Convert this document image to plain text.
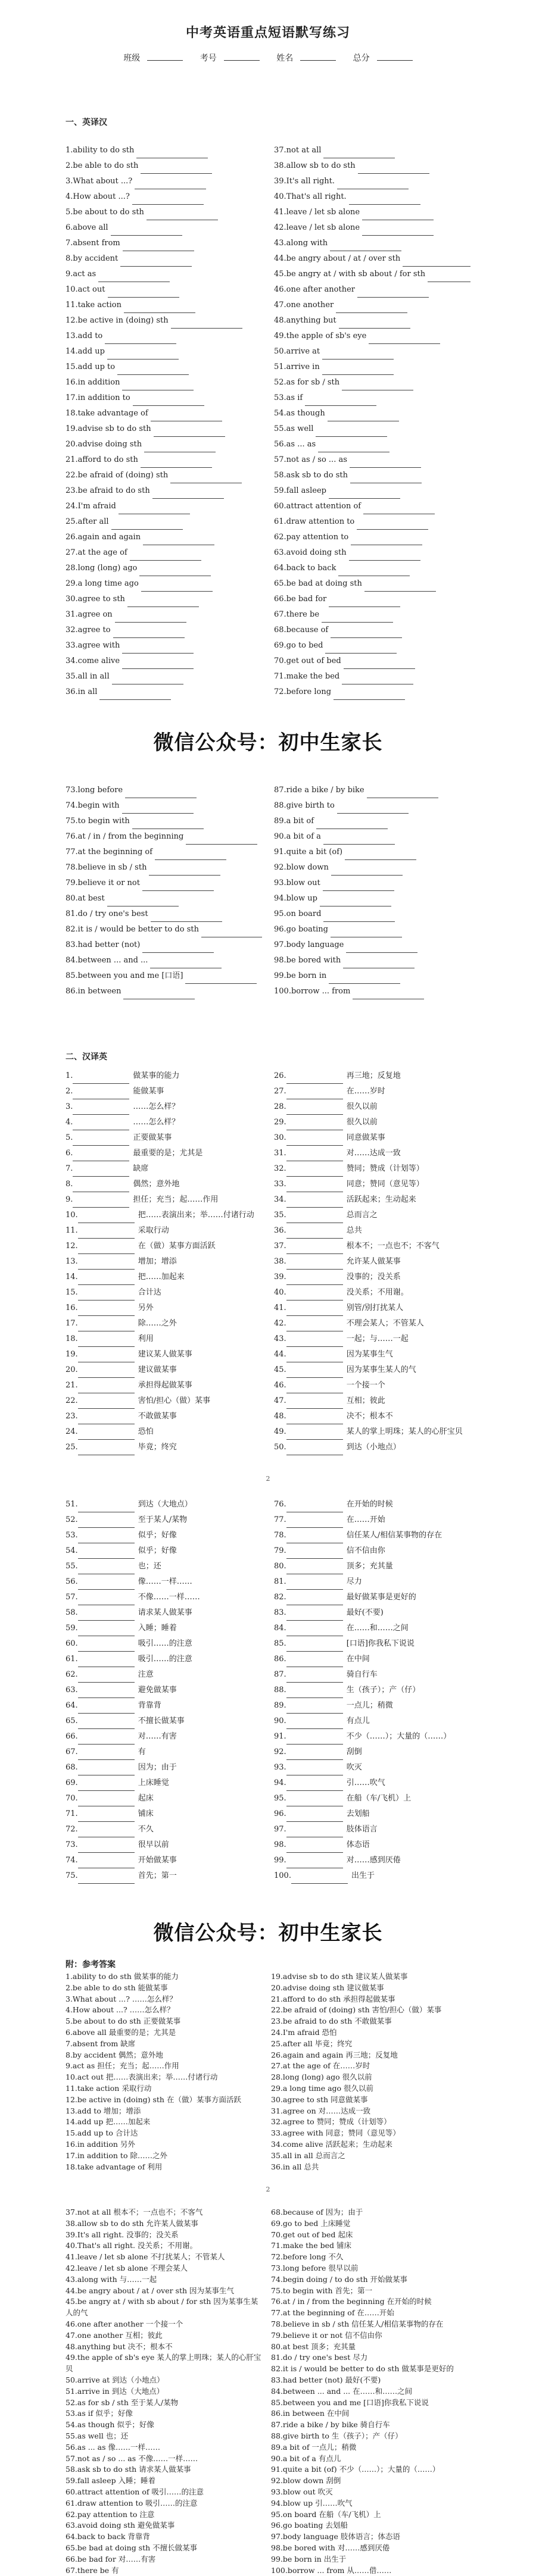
中考英语重点短语默写练习
班级	考号	姓名	总分
一、英译汉
1.ability to do sth
2.be able to do sth
3.What about ...?
4.How about ...?
5.be about to do sth
6.above all
7.absent from
8.by accident
9.act as
10.act out
11.take action
12.be active in (doing) sth
13.add to
14.add up
15.add up to
16.in addition
17.in addition to
18.take advantage of
19.advise sb to do sth
20.advise doing sth
21.afford to do sth
22.be afraid of (doing) sth
23.be afraid to do sth
24.I'm afraid
25.after all
26.again and again
27.at the age of
28.long (long) ago
29.a long time ago
30.agree to sth
31.agree on
32.agree to
33.agree with
34.come alive
35.all in all
36.in all
37.not at all
38.allow sb to do sth
39.It's all right.
40.That's all right.
41.leave / let sb alone
42.leave / let sb alone
43.along with
44.be angry about / at / over sth
45.be angry at / with sb about / for sth
46.one after another
47.one another
48.anything but
49.the apple of sb's eye
50.arrive at
51.arrive in
52.as for sb / sth
53.as if
54.as though
55.as well
56.as ... as
57.not as / so ... as
58.ask sb to do sth
59.fall asleep
60.attract attention of
61.draw attention to
62.pay attention to
63.avoid doing sth
64.back to back
65.be bad at doing sth
66.be bad for
67.there be
68.because of
69.go to bed
70.get out of bed
71.make the bed
72.before long
微信公众号：初中生家长
73.long before
74.begin with
75.to begin with
76.at / in / from the beginning
77.at the beginning of
78.believe in sb / sth
79.believe it or not
80.at best
81.do / try one's best
82.it is / would be better to do sth
83.had better (not)
84.between ... and ...
85.between you and me [口语]
86.in between
87.ride a bike / by bike
88.give birth to
89.a bit of
90.a bit of a
91.quite a bit (of)
92.blow down
93.blow out
94.blow up
95.on board
96.go boating
97.body language
98.be bored with
99.be born in
100.borrow ... from
二、汉译英
1.	做某事的能力
2.	能做某事
3.	……怎么样？
4.	……怎么样？
5.	正要做某事
6.	最重要的是；尤其是
7.	缺席
8.	偶然；意外地
9.	担任；充当；起……作用
10.	把……表演出来；举……付诸行动
11.	采取行动
12.	在（做）某事方面活跃
13.	增加；增添
14.	把……加起来
15.	合计达
16.	另外
17.	除……之外
18.	利用
19.	建议某人做某事
20.	建议做某事
21.	承担得起做某事
22.	害怕/担心（做）某事
23.	不敢做某事
24.	恐怕
25.	毕竟；终究
26.	再三地；反复地
27.	在……岁时
28.	很久以前
29.	很久以前
30.	同意做某事
31.	对……达成一致
32.	赞同；赞成（计划等）
33.	同意；赞同（意见等）
34.	活跃起来；生动起来
35.	总而言之
36.	总共
37.	根本不；一点也不；不客气
38.	允许某人做某事
39.	没事的；没关系
40.	没关系；不用谢。
41.	别管/别打扰某人
42.	不理会某人；不管某人
43.	一起；与……一起
44.	因为某事生气
45.	因为某事生某人的气
46.	一个接一个
47.	互相；彼此
48.	决不；根本不
49.	某人的掌上明珠；某人的心肝宝贝
50.	到达（小地点）
2
51.	到达（大地点）
52.	至于某人/某物
53.	似乎；好像
54.	似乎；好像
55.	也；还
56.	像……一样……
57.	不像……一样……
58.	请求某人做某事
59.	入睡；睡着
60.	吸引……的注意
61.	吸引……的注意
62.	注意
63.	避免做某事
64.	背靠背
65.	不擅长做某事
66.	对……有害
67.	有
68.	因为；由于
69.	上床睡觉
70.	起床
71.	铺床
72.	不久
73.	很早以前
74.	开始做某事
75.	首先；第一
76.	在开始的时候
77.	在……开始
78.	信任某人/相信某事物的存在
79.	信不信由你
80.	顶多；充其量
81.	尽力
82.	最好做某事是更好的
83.	最好(不要)
84.	在……和……之间
85.	[口语]你我私下说说
86.	在中间
87.	骑自行车
88.	生（孩子）；产（仔）
89.	一点儿；稍微
90.	有点儿
91.	不少（……）；大量的（……）
92.	刮倒
93.	吹灭
94.	引……吹气
95.	在船（车/飞机）上
96.	去划船
97.	肢体语言
98.	体态语
99.	对……感到厌倦
100.	出生于
微信公众号：初中生家长
附：参考答案
1.ability to do sth 做某事的能力
2.be able to do sth 能做某事
3.What about ...? ……怎么样？
4.How about ...? ……怎么样？
5.be about to do sth 正要做某事
6.above all 最重要的是；尤其是
7.absent from 缺席
8.by accident 偶然；意外地
9.act as 担任；充当；起……作用
10.act out 把……表演出来；举……付诸行动
11.take action 采取行动
12.be active in (doing) sth 在（做）某事方面活跃
13.add to 增加；增添
14.add up 把……加起来
15.add up to 合计达
16.in addition 另外
17.in addition to 除……之外
18.take advantage of 利用
19.advise sb to do sth 建议某人做某事
20.advise doing sth 建议做某事
21.afford to do sth 承担得起做某事
22.be afraid of (doing) sth 害怕/担心（做）某事
23.be afraid to do sth 不敢做某事
24.I'm afraid 恐怕
25.after all 毕竟；终究
26.again and again 再三地；反复地
27.at the age of 在……岁时
28.long (long) ago 很久以前
29.a long time ago 很久以前
30.agree to sth 同意做某事
31.agree on 对……达成一致
32.agree to 赞同；赞成（计划等）
33.agree with 同意；赞同（意见等）
34.come alive 活跃起来；生动起来
35.all in all 总而言之
36.in all 总共
2
37.not at all 根本不；一点也不；不客气
38.allow sb to do sth 允许某人做某事
39.It's all right. 没事的；没关系
40.That's all right. 没关系；不用谢。
41.leave / let sb alone 不打扰某人；不管某人
42.leave / let sb alone 不理会某人
43.along with 与……一起
44.be angry about / at / over sth 因为某事生气
45.be angry at / with sb about / for sth 因为某事生某人的气
46.one after another 一个接一个
47.one another 互相；彼此
48.anything but 决不；根本不
49.the apple of sb's eye 某人的掌上明珠；某人的心肝宝贝
50.arrive at 到达（小地点）
51.arrive in 到达（大地点）
52.as for sb / sth 至于某人/某物
53.as if 似乎；好像
54.as though 似乎；好像
55.as well 也；还
56.as ... as 像……一样……
57.not as / so ... as 不像……一样……
58.ask sb to do sth 请求某人做某事
59.fall asleep 入睡；睡着
60.attract attention of 吸引……的注意
61.draw attention to 吸引……的注意
62.pay attention to 注意
63.avoid doing sth 避免做某事
64.back to back 背靠背
65.be bad at doing sth 不擅长做某事
66.be bad for 对……有害
67.there be 有
68.because of 因为；由于
69.go to bed 上床睡觉
70.get out of bed 起床
71.make the bed 铺床
72.before long 不久
73.long before 很早以前
74.begin doing / to do sth 开始做某事
75.to begin with 首先；第一
76.at / in / from the beginning 在开始的时候
77.at the beginning of 在……开始
78.believe in sb / sth 信任某人/相信某事物的存在
79.believe it or not 信不信由你
80.at best 顶多；充其量
81.do / try one's best 尽力
82.it is / would be better to do sth 做某事是更好的
83.had better (not) 最好(不要)
84.between ... and ... 在……和……之间
85.between you and me [口语]你我私下说说
86.in between 在中间
87.ride a bike / by bike 骑自行车
88.give birth to 生（孩子）；产（仔）
89.a bit of 一点儿；稍微
90.a bit of a 有点儿
91.quite a bit (of) 不少（……）；大量的（……）
92.blow down 刮倒
93.blow out 吹灭
94.blow up 引……吹气
95.on board 在船（车/飞机）上
96.go boating 去划船
97.body language 肢体语言；体态语
98.be bored with 对……感到厌倦
99.be born in 出生于
100.borrow ... from 从……借……
